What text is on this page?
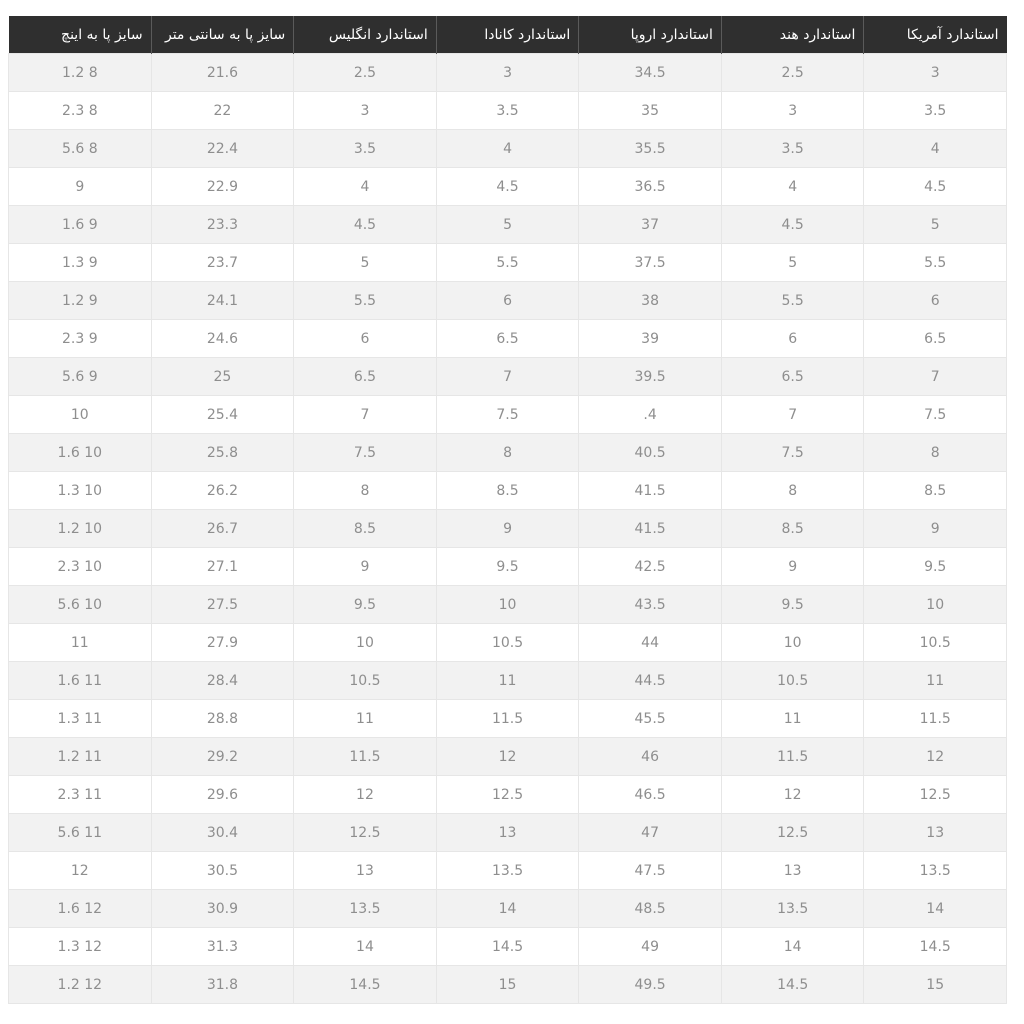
استاندارد آمریکا	استاندارد هند	استاندارد اروپا	استاندارد کانادا	استاندارد انگلیس	سایز پا به سانتی متر	سایز پا به اینچ
3	2.5	34.5	3	2.5	21.6	1.2 8
3.5	3	35	3.5	3	22	2.3 8
4	3.5	35.5	4	3.5	22.4	5.6 8
4.5	4	36.5	4.5	4	22.9	9
5	4.5	37	5	4.5	23.3	1.6 9
5.5	5	37.5	5.5	5	23.7	1.3 9
6	5.5	38	6	5.5	24.1	1.2 9
6.5	6	39	6.5	6	24.6	2.3 9
7	6.5	39.5	7	6.5	25	5.6 9
7.5	7	.4	7.5	7	25.4	10
8	7.5	40.5	8	7.5	25.8	1.6 10
8.5	8	41.5	8.5	8	26.2	1.3 10
9	8.5	41.5	9	8.5	26.7	1.2 10
9.5	9	42.5	9.5	9	27.1	2.3 10
10	9.5	43.5	10	9.5	27.5	5.6 10
10.5	10	44	10.5	10	27.9	11
11	10.5	44.5	11	10.5	28.4	1.6 11
11.5	11	45.5	11.5	11	28.8	1.3 11
12	11.5	46	12	11.5	29.2	1.2 11
12.5	12	46.5	12.5	12	29.6	2.3 11
13	12.5	47	13	12.5	30.4	5.6 11
13.5	13	47.5	13.5	13	30.5	12
14	13.5	48.5	14	13.5	30.9	1.6 12
14.5	14	49	14.5	14	31.3	1.3 12
15	14.5	49.5	15	14.5	31.8	1.2 12
